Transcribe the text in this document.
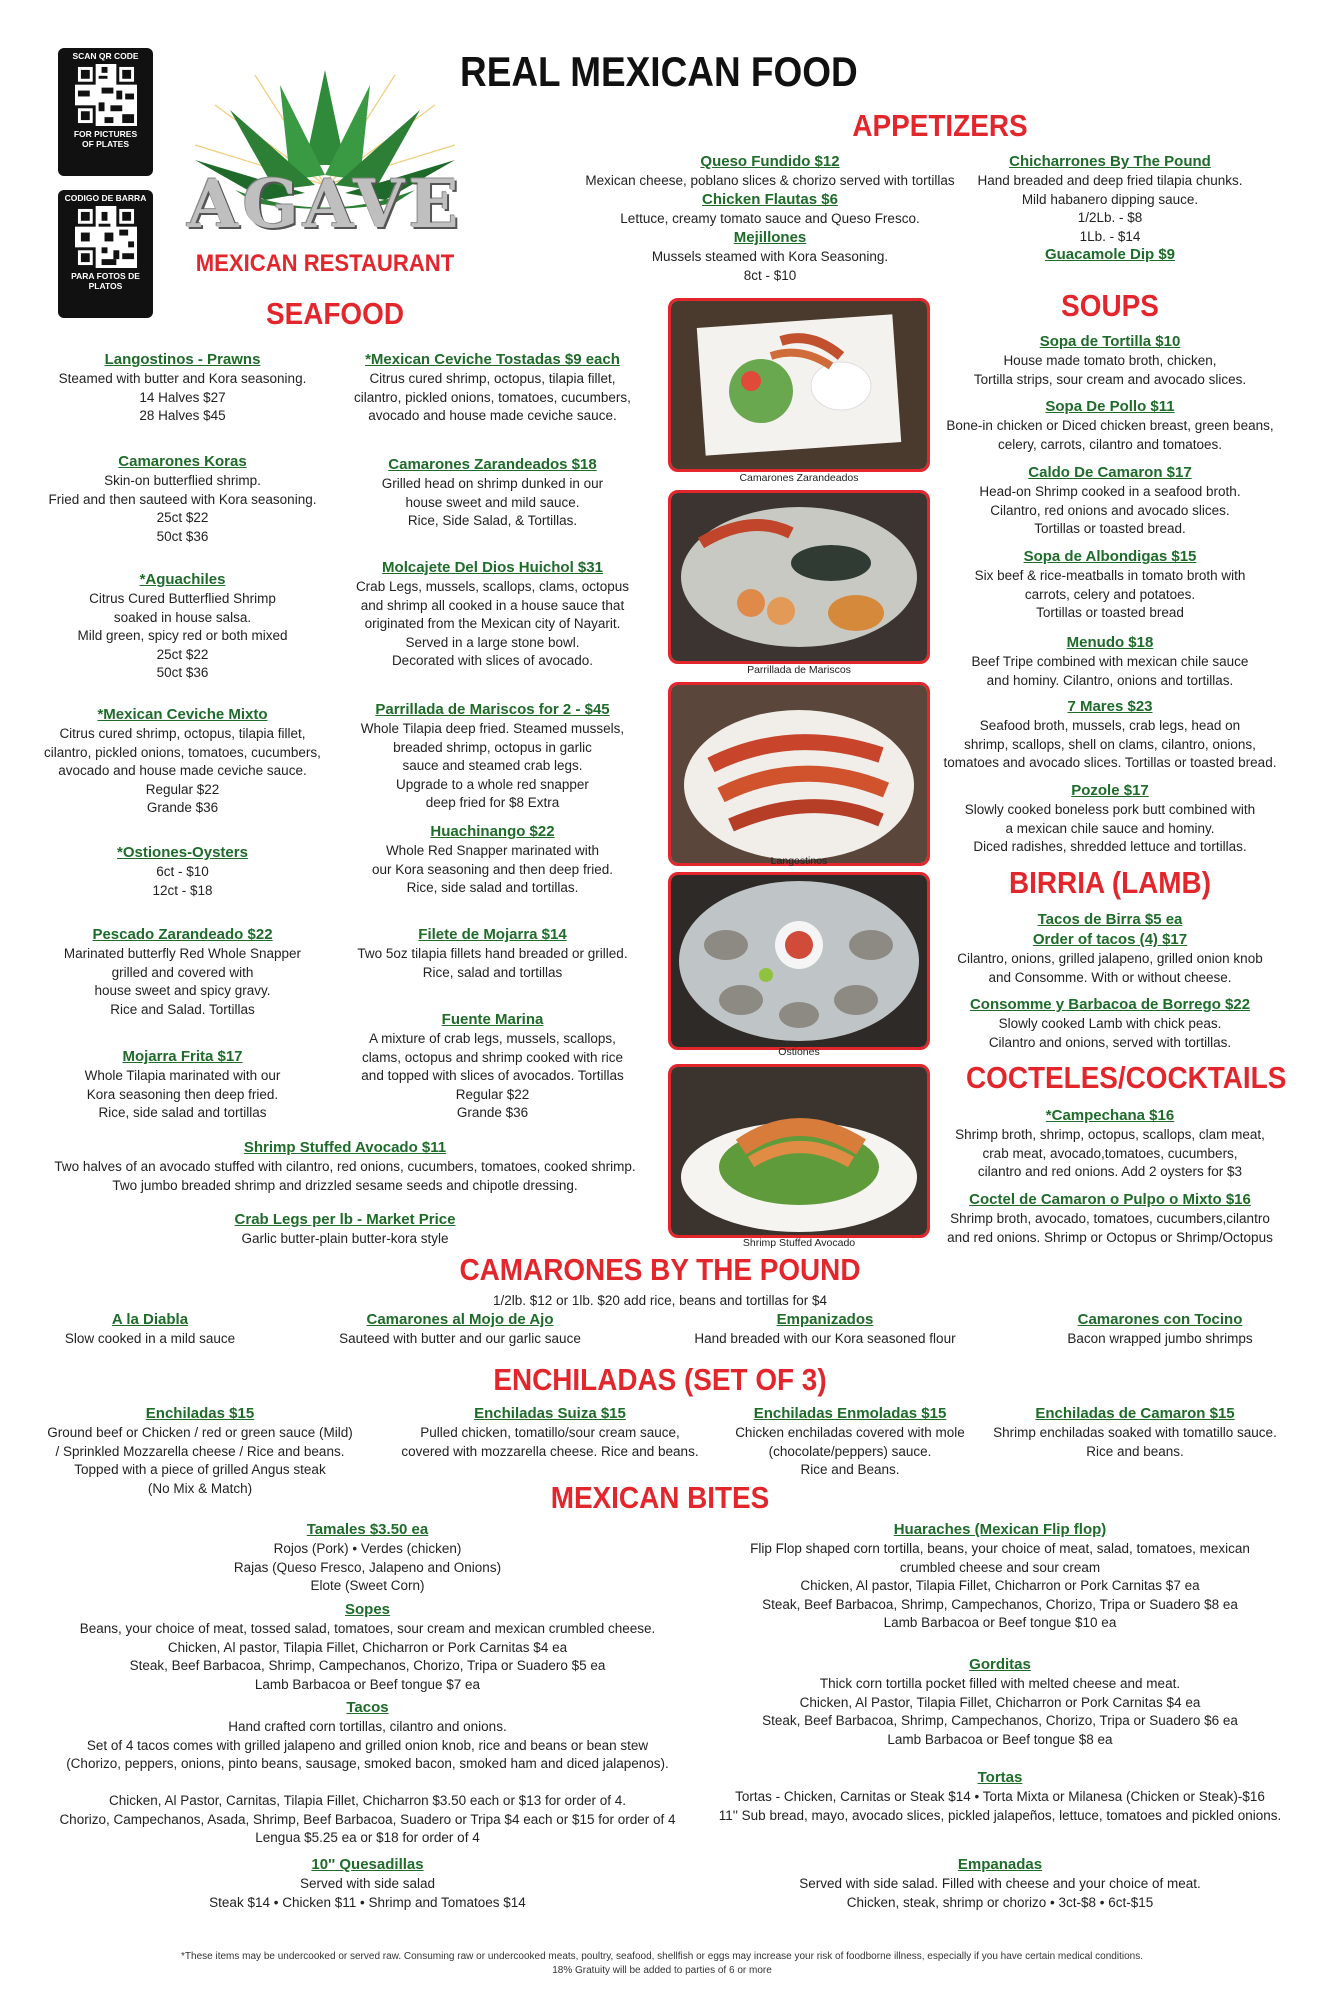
REAL MEXICAN FOOD
SCAN QR CODE
FOR PICTURES
OF PLATES
CODIGO DE BARRA
PARA FOTOS DE
PLATOS
AGAVE
MEXICAN RESTAURANT
APPETIZERS
Queso Fundido $12
Mexican cheese, poblano slices & chorizo served with tortillas
Chicken Flautas $6
Lettuce, creamy tomato sauce and Queso Fresco.
Mejillones
Mussels steamed with Kora Seasoning.
8ct - $10
Chicharrones By The Pound
Hand breaded and deep fried tilapia chunks.
Mild habanero dipping sauce.
1/2Lb. - $8
1Lb. - $14
Guacamole Dip $9
SEAFOOD
Langostinos - Prawns
Steamed with butter and Kora seasoning.
14 Halves $27
28 Halves $45
Camarones Koras
Skin-on butterflied shrimp.
Fried and then sauteed with Kora seasoning.
25ct $22
50ct $36
*Aguachiles
Citrus Cured Butterflied Shrimp
soaked in house salsa.
Mild green, spicy red or both mixed
25ct $22
50ct $36
*Mexican Ceviche Mixto
Citrus cured shrimp, octopus, tilapia fillet,
cilantro, pickled onions, tomatoes, cucumbers,
avocado and house made ceviche sauce.
Regular $22
Grande $36
*Ostiones-Oysters
6ct - $10
12ct - $18
Pescado Zarandeado $22
Marinated butterfly Red Whole Snapper
grilled and covered with
house sweet and spicy gravy.
Rice and Salad. Tortillas
Mojarra Frita $17
Whole Tilapia marinated with our
Kora seasoning then deep fried.
Rice, side salad and tortillas
*Mexican Ceviche Tostadas $9 each
Citrus cured shrimp, octopus, tilapia fillet,
cilantro, pickled onions, tomatoes, cucumbers,
avocado and house made ceviche sauce.
Camarones Zarandeados $18
Grilled head on shrimp dunked in our
house sweet and mild sauce.
Rice, Side Salad, & Tortillas.
Molcajete Del Dios Huichol $31
Crab Legs, mussels, scallops, clams, octopus
and shrimp all cooked in a house sauce that
originated from the Mexican city of Nayarit.
Served in a large stone bowl.
Decorated with slices of avocado.
Parrillada de Mariscos for 2 - $45
Whole Tilapia deep fried. Steamed mussels,
breaded shrimp, octopus in garlic
sauce and steamed crab legs.
Upgrade to a whole red snapper
deep fried for $8 Extra
Huachinango $22
Whole Red Snapper marinated with
our Kora seasoning and then deep fried.
Rice, side salad and tortillas.
Filete de Mojarra $14
Two 5oz tilapia fillets hand breaded or grilled.
Rice, salad and tortillas
Fuente Marina
A mixture of crab legs, mussels, scallops,
clams, octopus and shrimp cooked with rice
and topped with slices of avocados. Tortillas
Regular $22
Grande $36
Shrimp Stuffed Avocado $11
Two halves of an avocado stuffed with cilantro, red onions, cucumbers, tomatoes, cooked shrimp.
Two jumbo breaded shrimp and drizzled sesame seeds and chipotle dressing.
Crab Legs per lb - Market Price
Garlic butter-plain butter-kora style
Camarones Zarandeados
Parrillada de Mariscos
Langostinos
Ostiones
Shrimp Stuffed Avocado
SOUPS
Sopa de Tortilla $10
House made tomato broth, chicken,
Tortilla strips, sour cream and avocado slices.
Sopa De Pollo $11
Bone-in chicken or Diced chicken breast, green beans,
celery, carrots, cilantro and tomatoes.
Caldo De Camaron $17
Head-on Shrimp cooked in a seafood broth.
Cilantro, red onions and avocado slices.
Tortillas or toasted bread.
Sopa de Albondigas $15
Six beef & rice-meatballs in tomato broth with
carrots, celery and potatoes.
Tortillas or toasted bread
Menudo $18
Beef Tripe combined with mexican chile sauce
and hominy. Cilantro, onions and tortillas.
7 Mares $23
Seafood broth, mussels, crab legs, head on
shrimp, scallops, shell on clams, cilantro, onions,
tomatoes and avocado slices. Tortillas or toasted bread.
Pozole $17
Slowly cooked boneless pork butt combined with
a mexican chile sauce and hominy.
Diced radishes, shredded lettuce and tortillas.
BIRRIA (LAMB)
Tacos de Birra $5 ea
Order of tacos (4) $17
Cilantro, onions, grilled jalapeno, grilled onion knob
and Consomme. With or without cheese.
Consomme y Barbacoa de Borrego $22
Slowly cooked Lamb with chick peas.
Cilantro and onions, served with tortillas.
COCTELES/COCKTAILS
*Campechana $16
Shrimp broth, shrimp, octopus, scallops, clam meat,
crab meat, avocado,tomatoes, cucumbers,
cilantro and red onions. Add 2 oysters for $3
Coctel de Camaron o Pulpo o Mixto $16
Shrimp broth, avocado, tomatoes, cucumbers,cilantro
and red onions. Shrimp or Octopus or Shrimp/Octopus
CAMARONES BY THE POUND
1/2lb. $12 or 1lb. $20 add rice, beans and tortillas for $4
A la Diabla
Slow cooked in a mild sauce
Camarones al Mojo de Ajo
Sauteed with butter and our garlic sauce
Empanizados
Hand breaded with our Kora seasoned flour
Camarones con Tocino
Bacon wrapped jumbo shrimps
ENCHILADAS (SET OF 3)
Enchiladas $15
Ground beef or Chicken / red or green sauce (Mild)
/ Sprinkled Mozzarella cheese / Rice and beans.
Topped with a piece of grilled Angus steak
(No Mix & Match)
Enchiladas Suiza $15
Pulled chicken, tomatillo/sour cream sauce,
covered with mozzarella cheese. Rice and beans.
Enchiladas Enmoladas $15
Chicken enchiladas covered with mole
(chocolate/peppers) sauce.
Rice and Beans.
Enchiladas de Camaron $15
Shrimp enchiladas soaked with tomatillo sauce.
Rice and beans.
MEXICAN BITES
Tamales $3.50 ea
Rojos (Pork) • Verdes (chicken)
Rajas (Queso Fresco, Jalapeno and Onions)
Elote (Sweet Corn)
Sopes
Beans, your choice of meat, tossed salad, tomatoes, sour cream and mexican crumbled cheese.
Chicken, Al pastor, Tilapia Fillet, Chicharron or Pork Carnitas $4 ea
Steak, Beef Barbacoa, Shrimp, Campechanos, Chorizo, Tripa or Suadero $5 ea
Lamb Barbacoa or Beef tongue $7 ea
Tacos
Hand crafted corn tortillas, cilantro and onions.
Set of 4 tacos comes with grilled jalapeno and grilled onion knob, rice and beans or bean stew
(Chorizo, peppers, onions, pinto beans, sausage, smoked bacon, smoked ham and diced jalapenos).

Chicken, Al Pastor, Carnitas, Tilapia Fillet, Chicharron $3.50 each or $13 for order of 4.
Chorizo, Campechanos, Asada, Shrimp, Beef Barbacoa, Suadero or Tripa $4 each or $15 for order of 4
Lengua $5.25 ea or $18 for order of 4
10'' Quesadillas
Served with side salad
Steak $14 • Chicken $11 • Shrimp and Tomatoes $14
Huaraches (Mexican Flip flop)
Flip Flop shaped corn tortilla, beans, your choice of meat, salad, tomatoes, mexican
crumbled cheese and sour cream
Chicken, Al pastor, Tilapia Fillet, Chicharron or Pork Carnitas $7 ea
Steak, Beef Barbacoa, Shrimp, Campechanos, Chorizo, Tripa or Suadero $8 ea
Lamb Barbacoa or Beef tongue $10 ea
Gorditas
Thick corn tortilla pocket filled with melted cheese and meat.
Chicken, Al Pastor, Tilapia Fillet, Chicharron or Pork Carnitas $4 ea
Steak, Beef Barbacoa, Shrimp, Campechanos, Chorizo, Tripa or Suadero $6 ea
Lamb Barbacoa or Beef tongue $8 ea
Tortas
Tortas - Chicken, Carnitas or Steak $14 • Torta Mixta or Milanesa (Chicken or Steak)-$16
11'' Sub bread, mayo, avocado slices, pickled jalapeños, lettuce, tomatoes and pickled onions.
Empanadas
Served with side salad. Filled with cheese and your choice of meat.
Chicken, steak, shrimp or chorizo • 3ct-$8 • 6ct-$15
*These items may be undercooked or served raw. Consuming raw or undercooked meats, poultry, seafood, shellfish or eggs may increase your risk of foodborne illness, especially if you have certain medical conditions.
18% Gratuity will be added to parties of 6 or more
